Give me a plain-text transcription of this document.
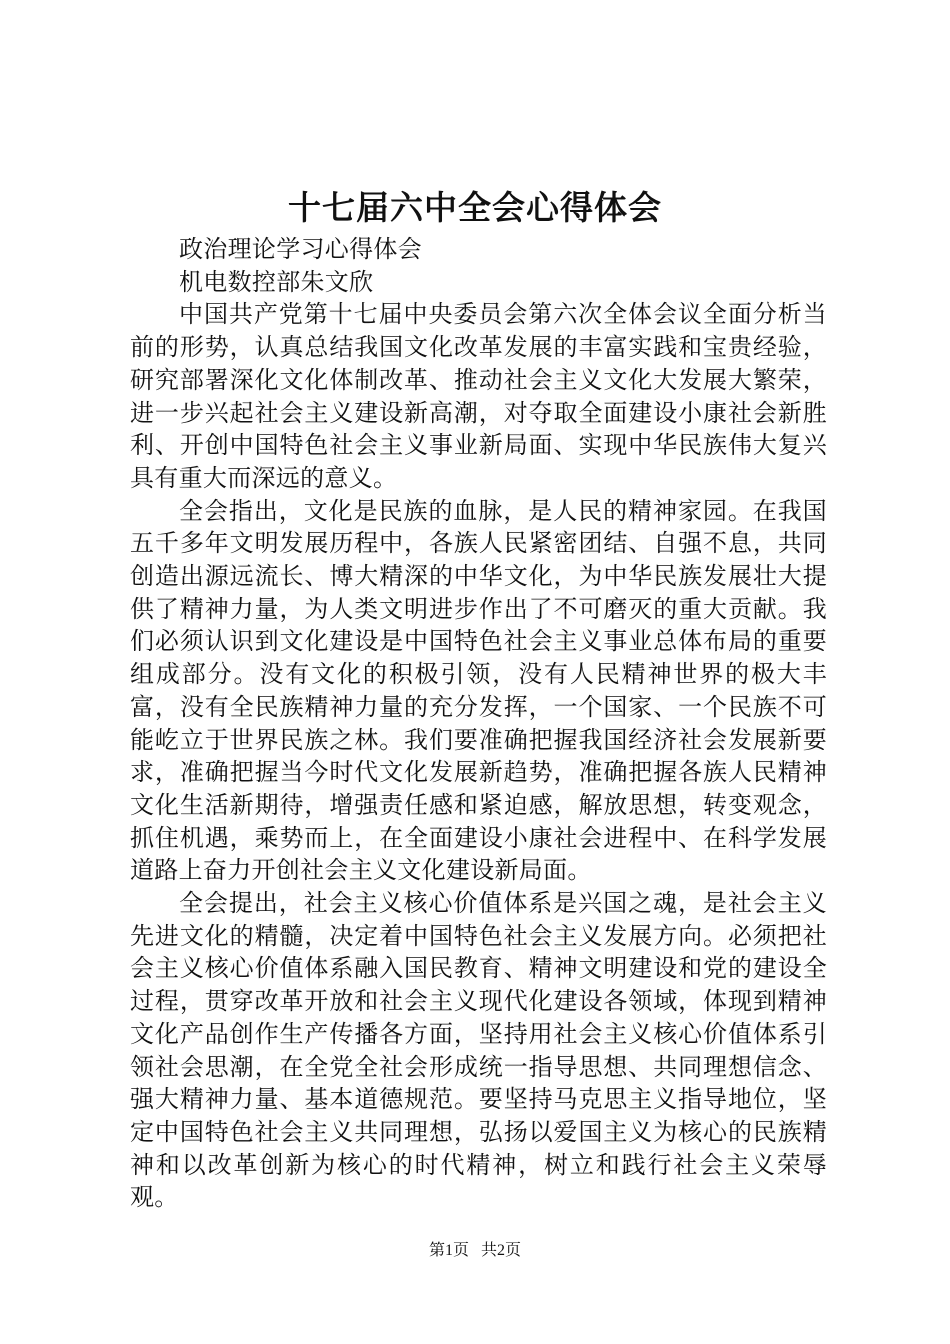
十七届六中全会心得体会

政治理论学习心得体会

机电数控部朱文欣

中国共产党第十七届中央委员会第六次全体会议全面分析当前的形势，认真总结我国文化改革发展的丰富实践和宝贵经验，研究部署深化文化体制改革、推动社会主义文化大发展大繁荣，进一步兴起社会主义建设新高潮，对夺取全面建设小康社会新胜利、开创中国特色社会主义事业新局面、实现中华民族伟大复兴具有重大而深远的意义。

全会指出，文化是民族的血脉，是人民的精神家园。在我国五千多年文明发展历程中，各族人民紧密团结、自强不息，共同创造出源远流长、博大精深的中华文化，为中华民族发展壮大提供了精神力量，为人类文明进步作出了不可磨灭的重大贡献。我们必须认识到文化建设是中国特色社会主义事业总体布局的重要组成部分。没有文化的积极引领，没有人民精神世界的极大丰富，没有全民族精神力量的充分发挥，一个国家、一个民族不可能屹立于世界民族之林。我们要准确把握我国经济社会发展新要求，准确把握当今时代文化发展新趋势，准确把握各族人民精神文化生活新期待，增强责任感和紧迫感，解放思想，转变观念，抓住机遇，乘势而上，在全面建设小康社会进程中、在科学发展道路上奋力开创社会主义文化建设新局面。

全会提出，社会主义核心价值体系是兴国之魂，是社会主义先进文化的精髓，决定着中国特色社会主义发展方向。必须把社会主义核心价值体系融入国民教育、精神文明建设和党的建设全过程，贯穿改革开放和社会主义现代化建设各领域，体现到精神文化产品创作生产传播各方面，坚持用社会主义核心价值体系引领社会思潮，在全党全社会形成统一指导思想、共同理想信念、强大精神力量、基本道德规范。要坚持马克思主义指导地位，坚定中国特色社会主义共同理想，弘扬以爱国主义为核心的民族精神和以改革创新为核心的时代精神，树立和践行社会主义荣辱观。

第1页 共2页
